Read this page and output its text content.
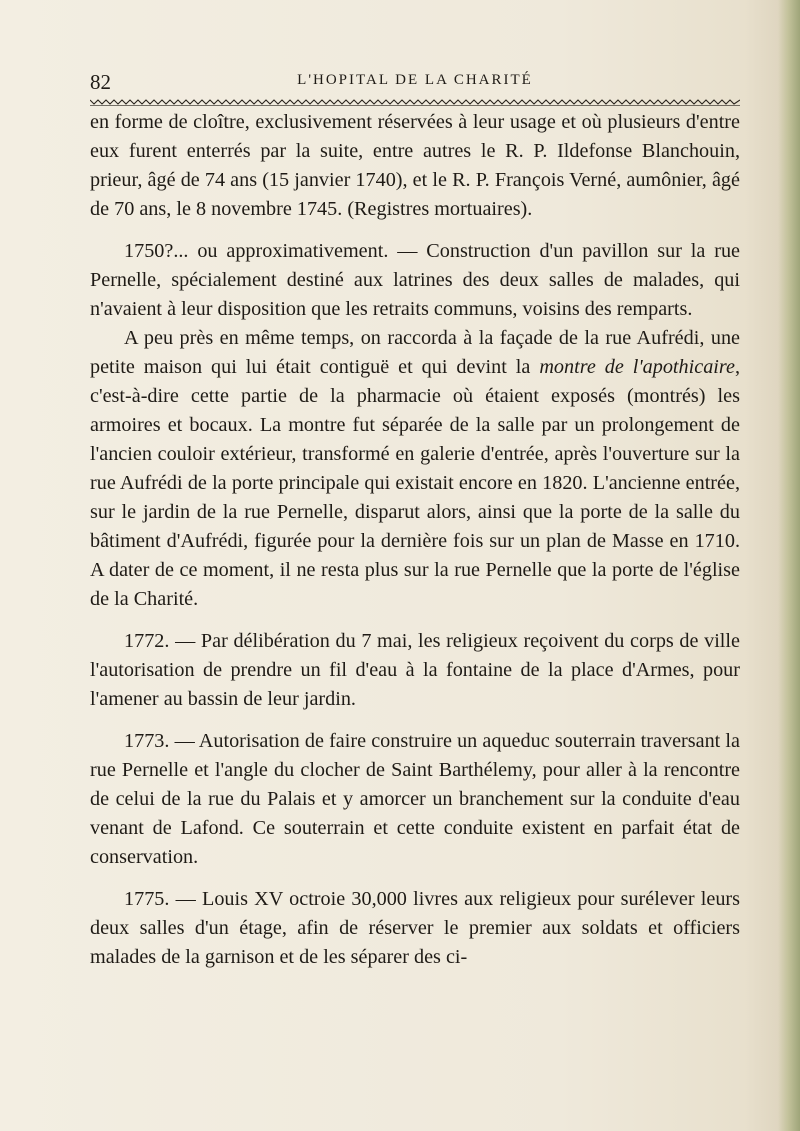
82	L'HOPITAL DE LA CHARITÉ

en forme de cloître, exclusivement réservées à leur usage et où plusieurs d'entre eux furent enterrés par la suite, entre autres le R. P. Ildefonse Blanchouin, prieur, âgé de 74 ans (15 janvier 1740), et le R. P. François Verné, aumônier, âgé de 70 ans, le 8 novembre 1745. (Registres mortuaires).

1750?... ou approximativement. — Construction d'un pavillon sur la rue Pernelle, spécialement destiné aux latrines des deux salles de malades, qui n'avaient à leur disposition que les retraits communs, voisins des remparts.

A peu près en même temps, on raccorda à la façade de la rue Aufrédi, une petite maison qui lui était contiguë et qui devint la montre de l'apothicaire, c'est-à-dire cette partie de la pharmacie où étaient exposés (montrés) les armoires et bocaux. La montre fut séparée de la salle par un prolongement de l'ancien couloir extérieur, transformé en galerie d'entrée, après l'ouverture sur la rue Aufrédi de la porte principale qui existait encore en 1820. L'ancienne entrée, sur le jardin de la rue Pernelle, disparut alors, ainsi que la porte de la salle du bâtiment d'Aufrédi, figurée pour la dernière fois sur un plan de Masse en 1710. A dater de ce moment, il ne resta plus sur la rue Pernelle que la porte de l'église de la Charité.

1772. — Par délibération du 7 mai, les religieux reçoivent du corps de ville l'autorisation de prendre un fil d'eau à la fontaine de la place d'Armes, pour l'amener au bassin de leur jardin.

1773. — Autorisation de faire construire un aqueduc souterrain traversant la rue Pernelle et l'angle du clocher de Saint Barthélemy, pour aller à la rencontre de celui de la rue du Palais et y amorcer un branchement sur la conduite d'eau venant de Lafond. Ce souterrain et cette conduite existent en parfait état de conservation.

1775. — Louis XV octroie 30,000 livres aux religieux pour surélever leurs deux salles d'un étage, afin de réserver le premier aux soldats et officiers malades de la garnison et de les séparer des ci-
